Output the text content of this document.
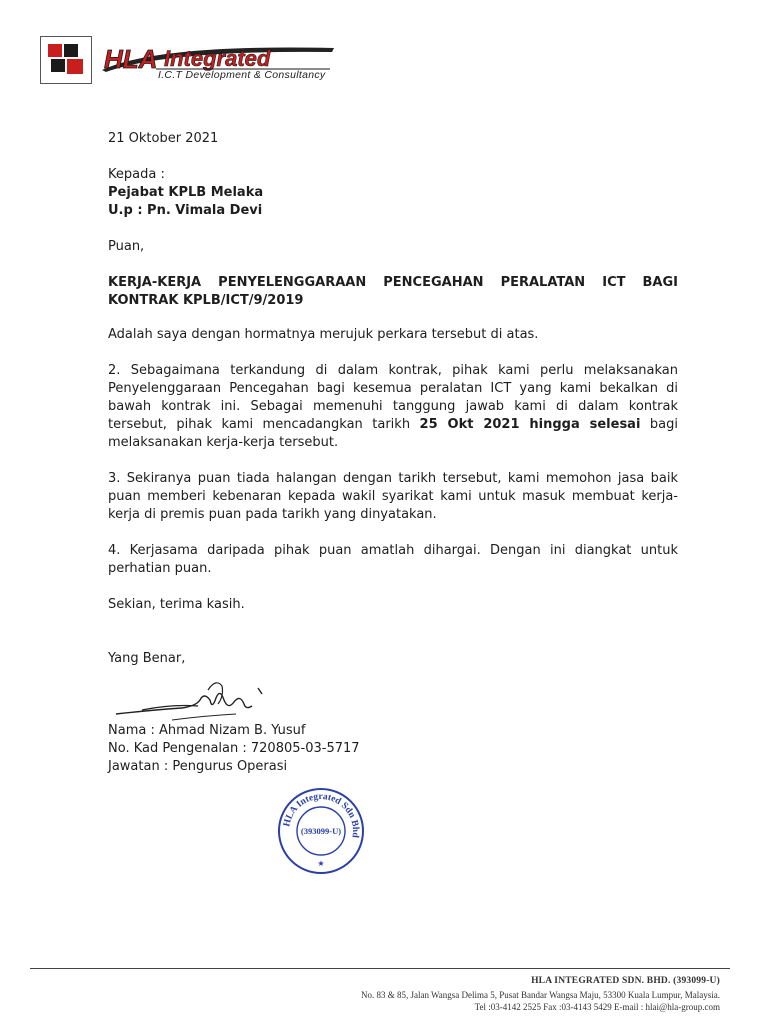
HLA Integrated
I.C.T Development & Consultancy
21 Oktober 2021
Kepada :
Pejabat KPLB Melaka
U.p : Pn. Vimala Devi
Puan,
KERJA-KERJA PENYELENGGARAAN PENCEGAHAN PERALATAN ICT BAGI KONTRAK KPLB/ICT/9/2019
Adalah saya dengan hormatnya merujuk perkara tersebut di atas.
2. Sebagaimana terkandung di dalam kontrak, pihak kami perlu melaksanakan Penyelenggaraan Pencegahan bagi kesemua peralatan ICT yang kami bekalkan di bawah kontrak ini. Sebagai memenuhi tanggung jawab kami di dalam kontrak tersebut, pihak kami mencadangkan tarikh 25 Okt 2021 hingga selesai bagi melaksanakan kerja-kerja tersebut.
3. Sekiranya puan tiada halangan dengan tarikh tersebut, kami memohon jasa baik puan memberi kebenaran kepada wakil syarikat kami untuk masuk membuat kerja-kerja di premis puan pada tarikh yang dinyatakan.
4. Kerjasama daripada pihak puan amatlah dihargai. Dengan ini diangkat untuk perhatian puan.
Sekian, terima kasih.
Yang Benar,
Nama : Ahmad Nizam B. Yusuf
No. Kad Pengenalan : 720805-03-5717
Jawatan : Pengurus Operasi
HLA Integrated Sdn Bhd
(393099-U)
★
HLA INTEGRATED SDN. BHD. (393099-U)
No. 83 & 85, Jalan Wangsa Delima 5, Pusat Bandar Wangsa Maju, 53300 Kuala Lumpur, Malaysia.
Tel :03-4142 2525 Fax :03-4143 5429 E-mail : hlai@hla-group.com
